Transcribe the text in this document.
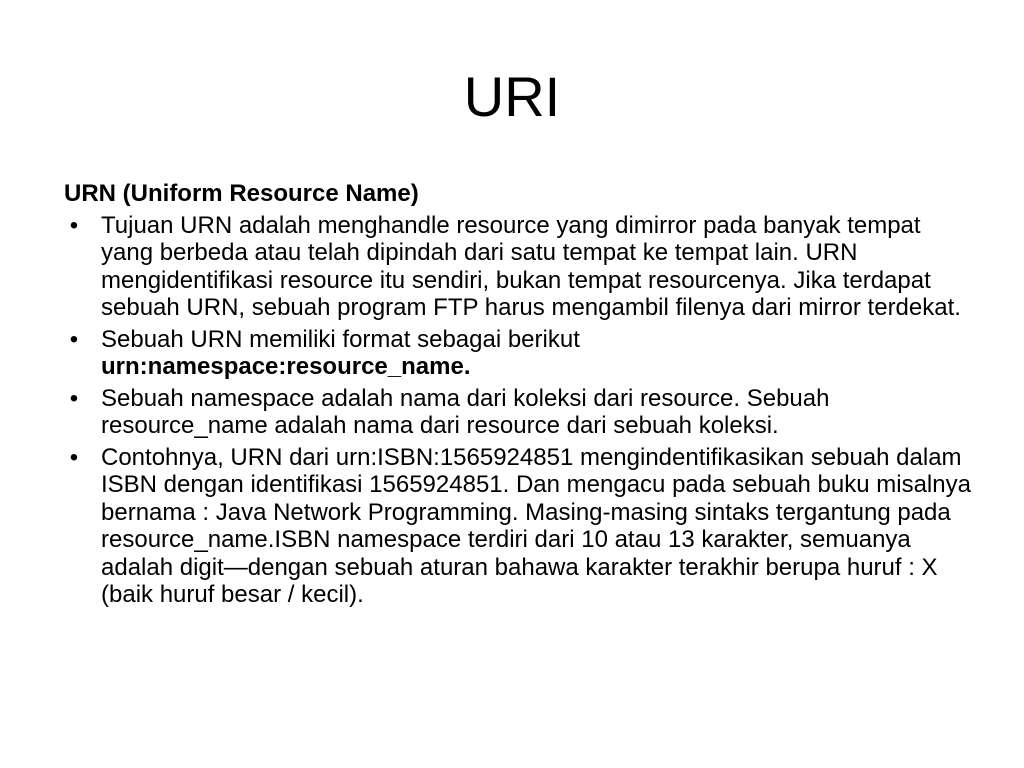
URI
URN (Uniform Resource Name)
• Tujuan URN adalah menghandle resource yang dimirror pada banyak tempat yang berbeda atau telah dipindah dari satu tempat ke tempat lain. URN mengidentifikasi resource itu sendiri, bukan tempat resourcenya. Jika terdapat sebuah URN, sebuah program FTP harus mengambil filenya dari mirror terdekat.
• Sebuah URN memiliki format sebagai berikut
urn:namespace:resource_name.
• Sebuah namespace adalah nama dari koleksi dari resource. Sebuah resource_name adalah nama dari resource dari sebuah koleksi.
• Contohnya, URN dari urn:ISBN:1565924851 mengindentifikasikan sebuah dalam ISBN dengan identifikasi 1565924851. Dan mengacu pada sebuah buku misalnya bernama : Java Network Programming. Masing-masing sintaks tergantung pada resource_name.ISBN namespace terdiri dari 10 atau 13 karakter, semuanya adalah digit—dengan sebuah aturan bahawa karakter terakhir berupa huruf : X (baik huruf besar / kecil).
